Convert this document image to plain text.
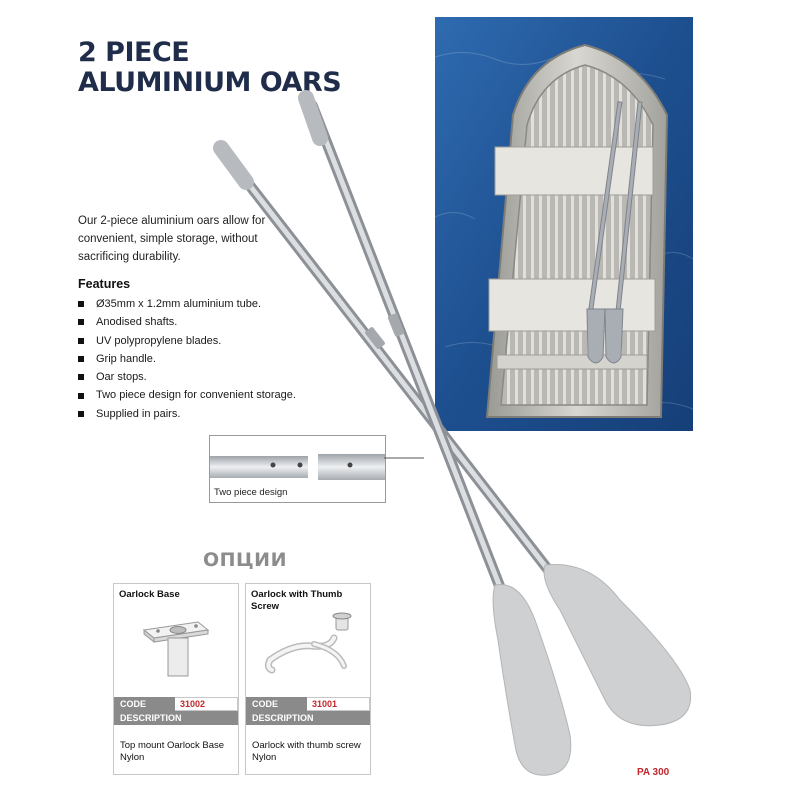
2 PIECE
ALUMINIUM OARS
Our 2-piece aluminium oars allow for convenient, simple storage, without sacrificing durability.
Features
Ø35mm x 1.2mm aluminium tube.
Anodised shafts.
UV polypropylene blades.
Grip handle.
Oar stops.
Two piece design for convenient storage.
Supplied in pairs.
Two piece design
ОПЦИИ
Oarlock Base
CODE	31002
DESCRIPTION
Top mount Oarlock Base Nylon
Oarlock with Thumb Screw
CODE	31001
DESCRIPTION
Oarlock with thumb screw Nylon
PA 300
